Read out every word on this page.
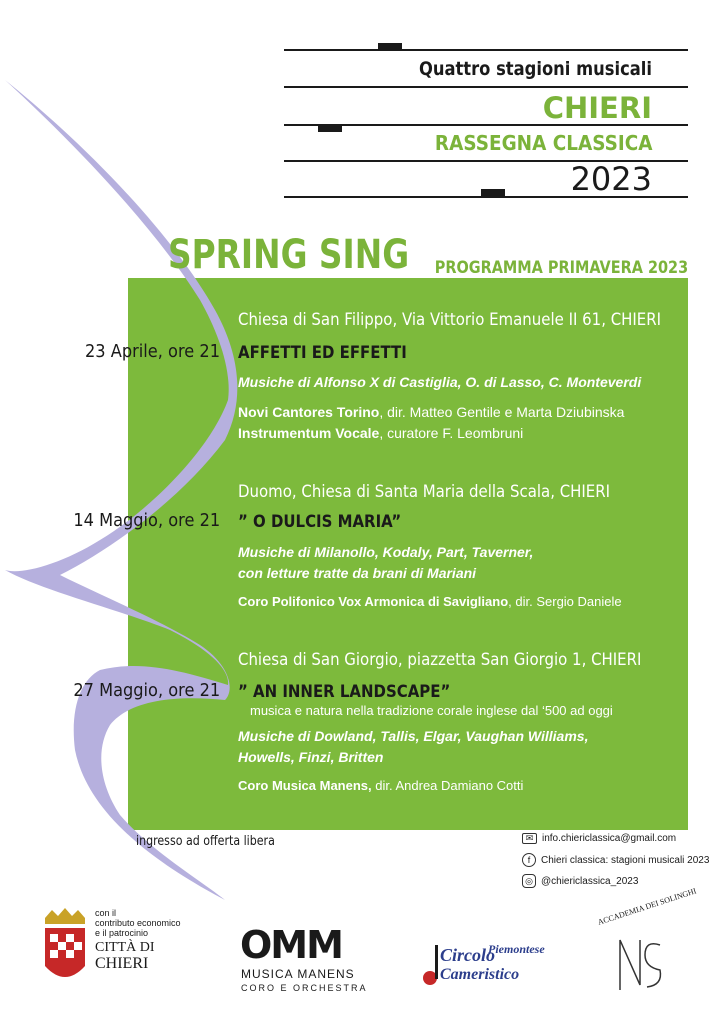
Quattro stagioni musicali
CHIERI
RASSEGNA CLASSICA
2023
SPRING SING PROGRAMMA PRIMAVERA 2023
Chiesa di San Filippo, Via Vittorio Emanuele II 61, CHIERI
23 Aprile, ore 21 AFFETTI ED EFFETTI
Musiche di Alfonso X di Castiglia, O. di Lasso, C. Monteverdi
Novi Cantores Torino, dir. Matteo Gentile e Marta Dziubinska
Instrumentum Vocale, curatore F. Leombruni
Duomo, Chiesa di Santa Maria della Scala, CHIERI
14 Maggio, ore 21 ” O DULCIS MARIA”
Musiche di Milanollo, Kodaly, Part, Taverner,
con letture tratte da brani di Mariani
Coro Polifonico Vox Armonica di Savigliano, dir. Sergio Daniele
Chiesa di San Giorgio, piazzetta San Giorgio 1, CHIERI
27 Maggio, ore 21 ” AN INNER LANDSCAPE”
musica e natura nella tradizione corale inglese dal ‘500 ad oggi
Musiche di Dowland, Tallis, Elgar, Vaughan Williams,
Howells, Finzi, Britten
Coro Musica Manens, dir. Andrea Damiano Cotti
ingresso ad offerta libera	✉ info.chiericlassica@gmail.com
f	Chieri classica: stagioni musicali 2023
◎ @chiericlassica_2023
con il
contributo economico
e il patrocinio
CITTÀ DI
CHIERI OMM
MUSICA MANENS
CORO E ORCHESTRA
Circolo
Piemontese
Cameristico
ACCADEMIA DEI SOLINGHI
